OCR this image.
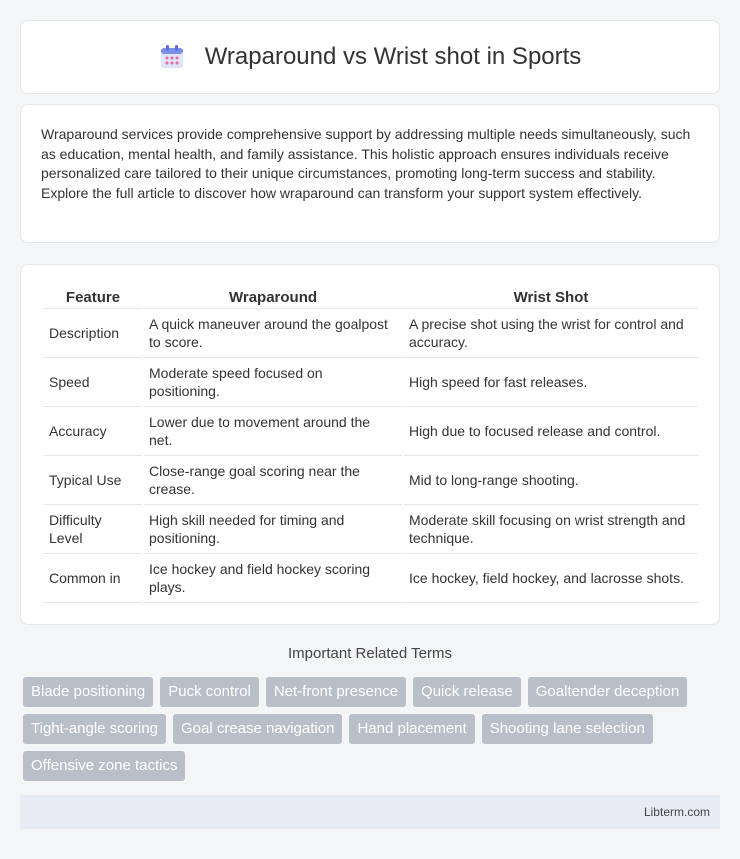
Wraparound vs Wrist shot in Sports

Wraparound services provide comprehensive support by addressing multiple needs simultaneously, such as education, mental health, and family assistance. This holistic approach ensures individuals receive personalized care tailored to their unique circumstances, promoting long-term success and stability. Explore the full article to discover how wraparound can transform your support system effectively.

Feature	Wraparound	Wrist Shot
Description	A quick maneuver around the goalpost to score.	A precise shot using the wrist for control and accuracy.
Speed	Moderate speed focused on positioning.	High speed for fast releases.
Accuracy	Lower due to movement around the net.	High due to focused release and control.
Typical Use	Close-range goal scoring near the crease.	Mid to long-range shooting.
Difficulty Level	High skill needed for timing and positioning.	Moderate skill focusing on wrist strength and technique.
Common in	Ice hockey and field hockey scoring plays.	Ice hockey, field hockey, and lacrosse shots.
Important Related Terms
Blade positioning	Puck control	Net-front presence	Quick release	Goaltender deception
Tight-angle scoring	Goal crease navigation	Hand placement	Shooting lane selection
Offensive zone tactics
Libterm.com
